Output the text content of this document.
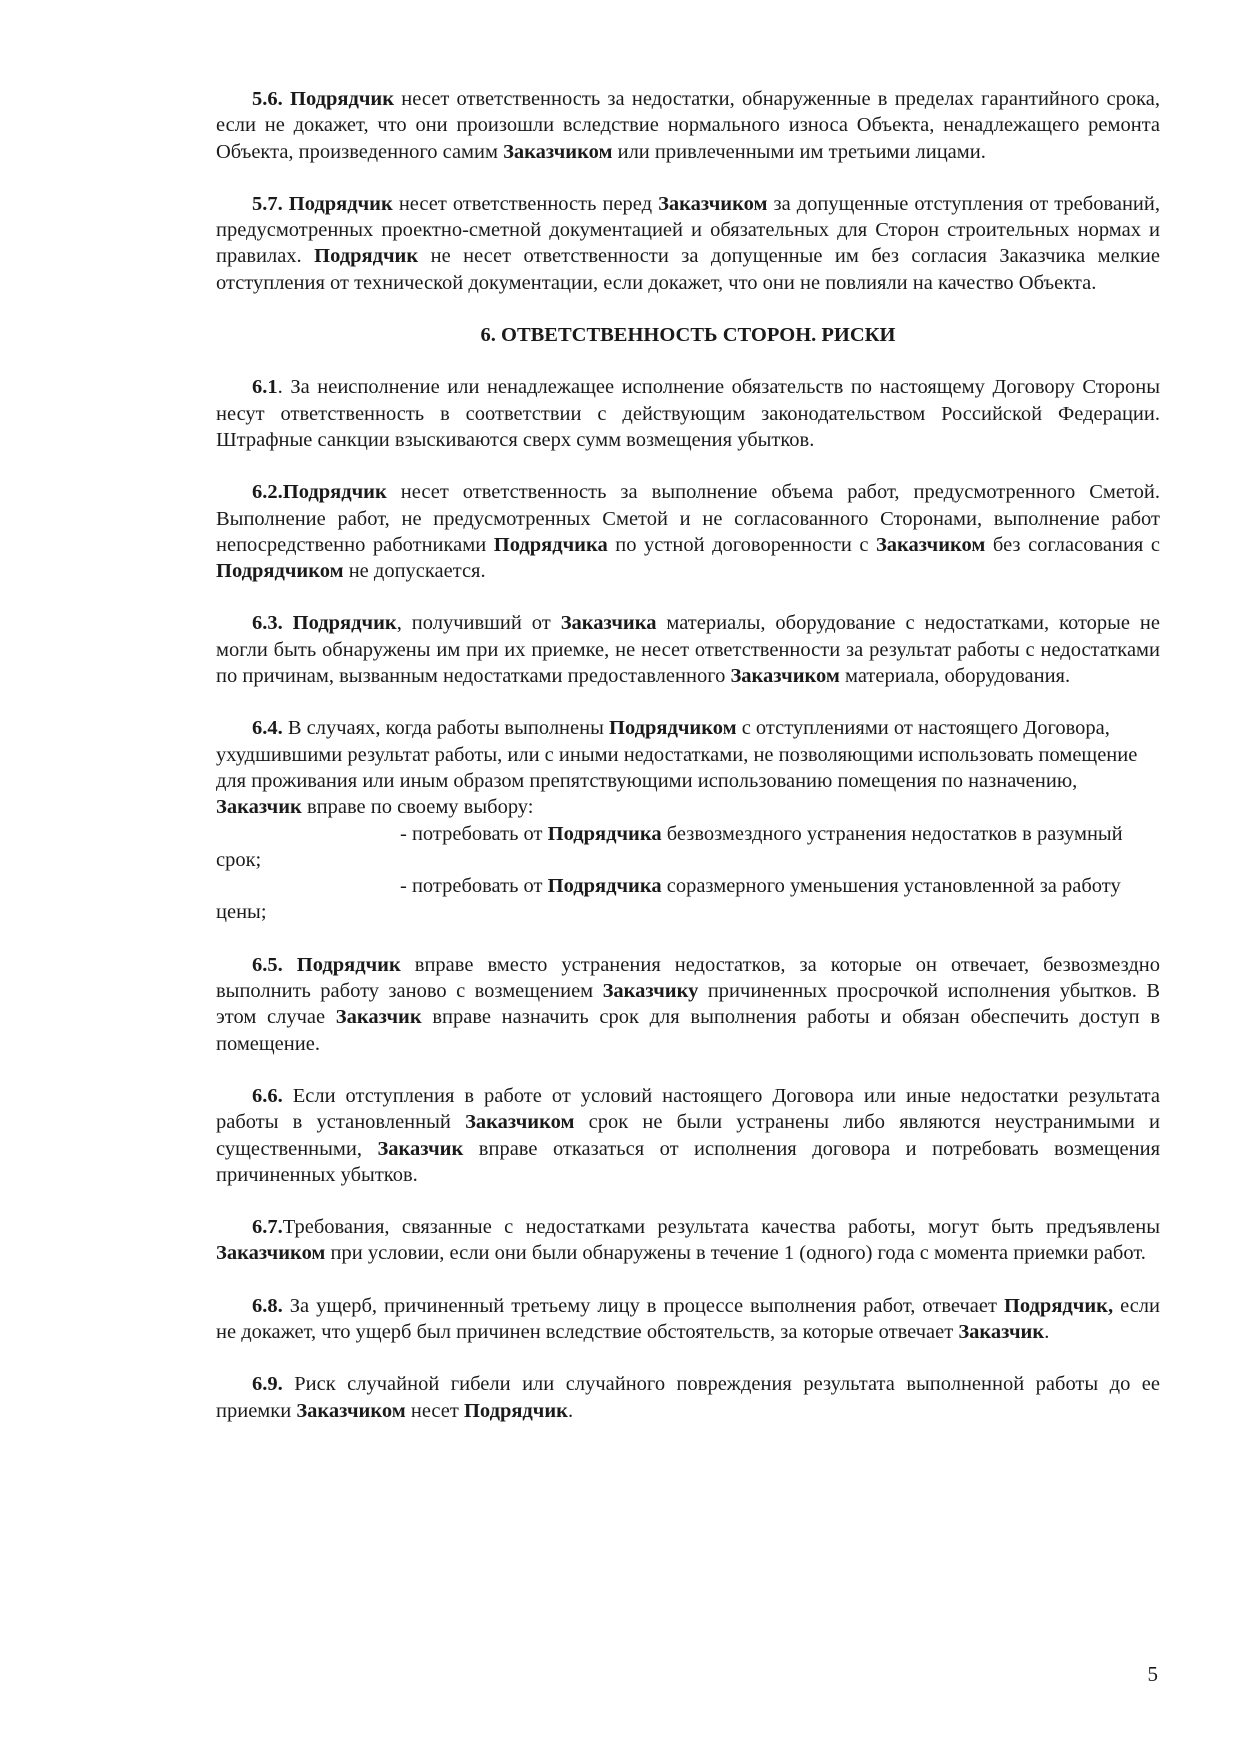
5.6. Подрядчик несет ответственность за недостатки, обнаруженные в пределах гарантийного срока, если не докажет, что они произошли вследствие нормального износа Объекта, ненадлежащего ремонта Объекта, произведенного самим Заказчиком или привлеченными им третьими лицами.

5.7. Подрядчик несет ответственность перед Заказчиком за допущенные отступления от требований, предусмотренных проектно-сметной документацией и обязательных для Сторон строительных нормах и правилах. Подрядчик не несет ответственности за допущенные им без согласия Заказчика мелкие отступления от технической документации, если докажет, что они не повлияли на качество Объекта.

6. ОТВЕТСТВЕННОСТЬ СТОРОН. РИСКИ

6.1. За неисполнение или ненадлежащее исполнение обязательств по настоящему Договору Стороны несут ответственность в соответствии с действующим законодательством Российской Федерации. Штрафные санкции взыскиваются сверх сумм возмещения убытков.

6.2.Подрядчик несет ответственность за выполнение объема работ, предусмотренного Сметой. Выполнение работ, не предусмотренных Сметой и не согласованного Сторонами, выполнение работ непосредственно работниками Подрядчика по устной договоренности с Заказчиком без согласования с Подрядчиком не допускается.

6.3. Подрядчик, получивший от Заказчика материалы, оборудование с недостатками, которые не могли быть обнаружены им при их приемке, не несет ответственности за результат работы с недостатками по причинам, вызванным недостатками предоставленного Заказчиком материала, оборудования.

6.4. В случаях, когда работы выполнены Подрядчиком с отступлениями от настоящего Договора, ухудшившими результат работы, или с иными недостатками, не позволяющими использовать помещение для проживания или иным образом препятствующими использованию помещения по назначению, Заказчик вправе по своему выбору:

- потребовать от Подрядчика безвозмездного устранения недостатков в разумный срок;

- потребовать от Подрядчика соразмерного уменьшения установленной за работу цены;

6.5. Подрядчик вправе вместо устранения недостатков, за которые он отвечает, безвозмездно выполнить работу заново с возмещением Заказчику причиненных просрочкой исполнения убытков. В этом случае Заказчик вправе назначить срок для выполнения работы и обязан обеспечить доступ в помещение.

6.6. Если отступления в работе от условий настоящего Договора или иные недостатки результата работы в установленный Заказчиком срок не были устранены либо являются неустранимыми и существенными, Заказчик вправе отказаться от исполнения договора и потребовать возмещения причиненных убытков.

6.7.Требования, связанные с недостатками результата качества работы, могут быть предъявлены Заказчиком при условии, если они были обнаружены в течение 1 (одного) года с момента приемки работ.

6.8. За ущерб, причиненный третьему лицу в процессе выполнения работ, отвечает Подрядчик, если не докажет, что ущерб был причинен вследствие обстоятельств, за которые отвечает Заказчик.

6.9. Риск случайной гибели или случайного повреждения результата выполненной работы до ее приемки Заказчиком несет Подрядчик.

5
